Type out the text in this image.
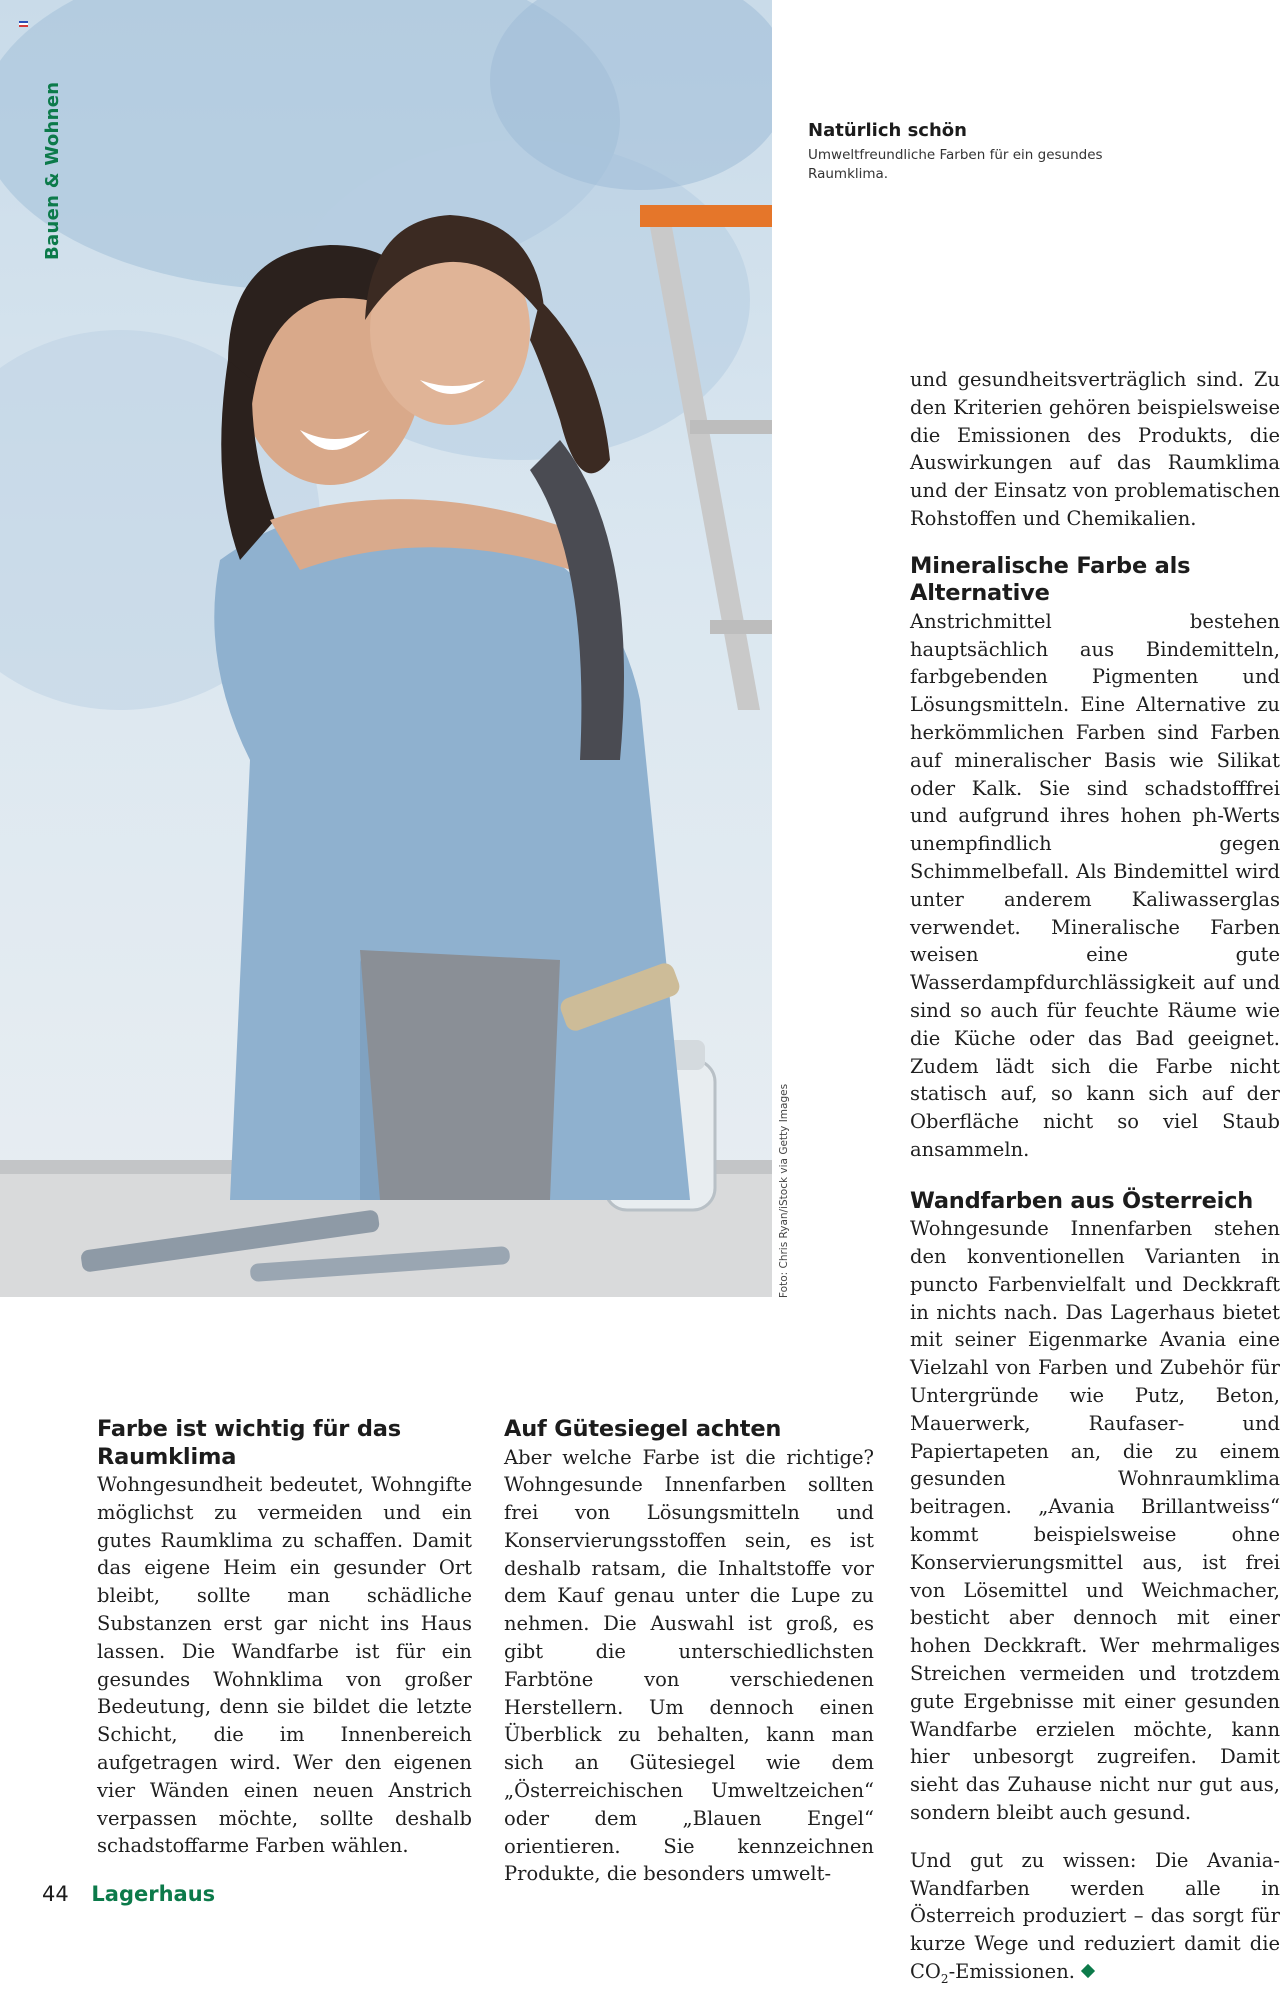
Bauen & Wohnen
Foto: Chris Ryan/iStock via Getty Images
Natürlich schön

Umweltfreundliche Farben für ein gesundes Raumklima.

Farbe ist wichtig für das Raumklima

Wohngesundheit bedeutet, Wohngifte möglichst zu vermeiden und ein gutes Raumklima zu schaffen. Damit das eigene Heim ein gesunder Ort bleibt, sollte man schädliche Substanzen erst gar nicht ins Haus lassen. Die Wandfarbe ist für ein gesundes Wohnklima von großer Bedeutung, denn sie bildet die letzte Schicht, die im Innenbereich aufgetragen wird. Wer den eigenen vier Wänden einen neuen Anstrich verpassen möchte, sollte deshalb schadstoffarme Farben wählen.

Auf Gütesiegel achten

Aber welche Farbe ist die richtige? Wohngesunde Innenfarben sollten frei von Lösungsmitteln und Konservierungsstoffen sein, es ist deshalb ratsam, die Inhaltstoffe vor dem Kauf genau unter die Lupe zu nehmen. Die Auswahl ist groß, es gibt die unterschiedlichsten Farbtöne von verschiedenen Herstellern. Um dennoch einen Überblick zu behalten, kann man sich an Gütesiegel wie dem „Österreichischen Umweltzeichen“ oder dem „Blauen Engel“ orientieren. Sie kennzeichnen Produkte, die besonders umwelt-

und gesundheitsverträglich sind. Zu den Kriterien gehören beispielsweise die Emissionen des Produkts, die Auswirkungen auf das Raumklima und der Einsatz von problematischen Rohstoffen und Chemikalien.

Mineralische Farbe als Alternative

Anstrichmittel bestehen hauptsächlich aus Bindemitteln, farbgebenden Pigmenten und Lösungsmitteln. Eine Alternative zu herkömmlichen Farben sind Farben auf mineralischer Basis wie Silikat oder Kalk. Sie sind schadstofffrei und aufgrund ihres hohen ph-Werts unempfindlich gegen Schimmelbefall. Als Bindemittel wird unter anderem Kaliwasserglas verwendet. Mineralische Farben weisen eine gute Wasserdampfdurchlässigkeit auf und sind so auch für feuchte Räume wie die Küche oder das Bad geeignet. Zudem lädt sich die Farbe nicht statisch auf, so kann sich auf der Oberfläche nicht so viel Staub ansammeln.

Wandfarben aus Österreich

Wohngesunde Innenfarben stehen den konventionellen Varianten in puncto Farbenvielfalt und Deckkraft in nichts nach. Das Lagerhaus bietet mit seiner Eigenmarke Avania eine Vielzahl von Farben und Zubehör für Untergründe wie Putz, Beton, Mauerwerk, Raufaser- und Papiertapeten an, die zu einem gesunden Wohnraumklima beitragen. „Avania Brillantweiss“ kommt beispielsweise ohne Konservierungsmittel aus, ist frei von Lösemittel und Weichmacher, besticht aber dennoch mit einer hohen Deckkraft. Wer mehrmaliges Streichen vermeiden und trotzdem gute Ergebnisse mit einer gesunden Wandfarbe erzielen möchte, kann hier unbesorgt zugreifen. Damit sieht das Zuhause nicht nur gut aus, sondern bleibt auch gesund.

Und gut zu wissen: Die Avania-Wandfarben werden alle in Österreich produziert – das sorgt für kurze Wege und reduziert damit die $CO_2$-Emissionen.

44 Lagerhaus
